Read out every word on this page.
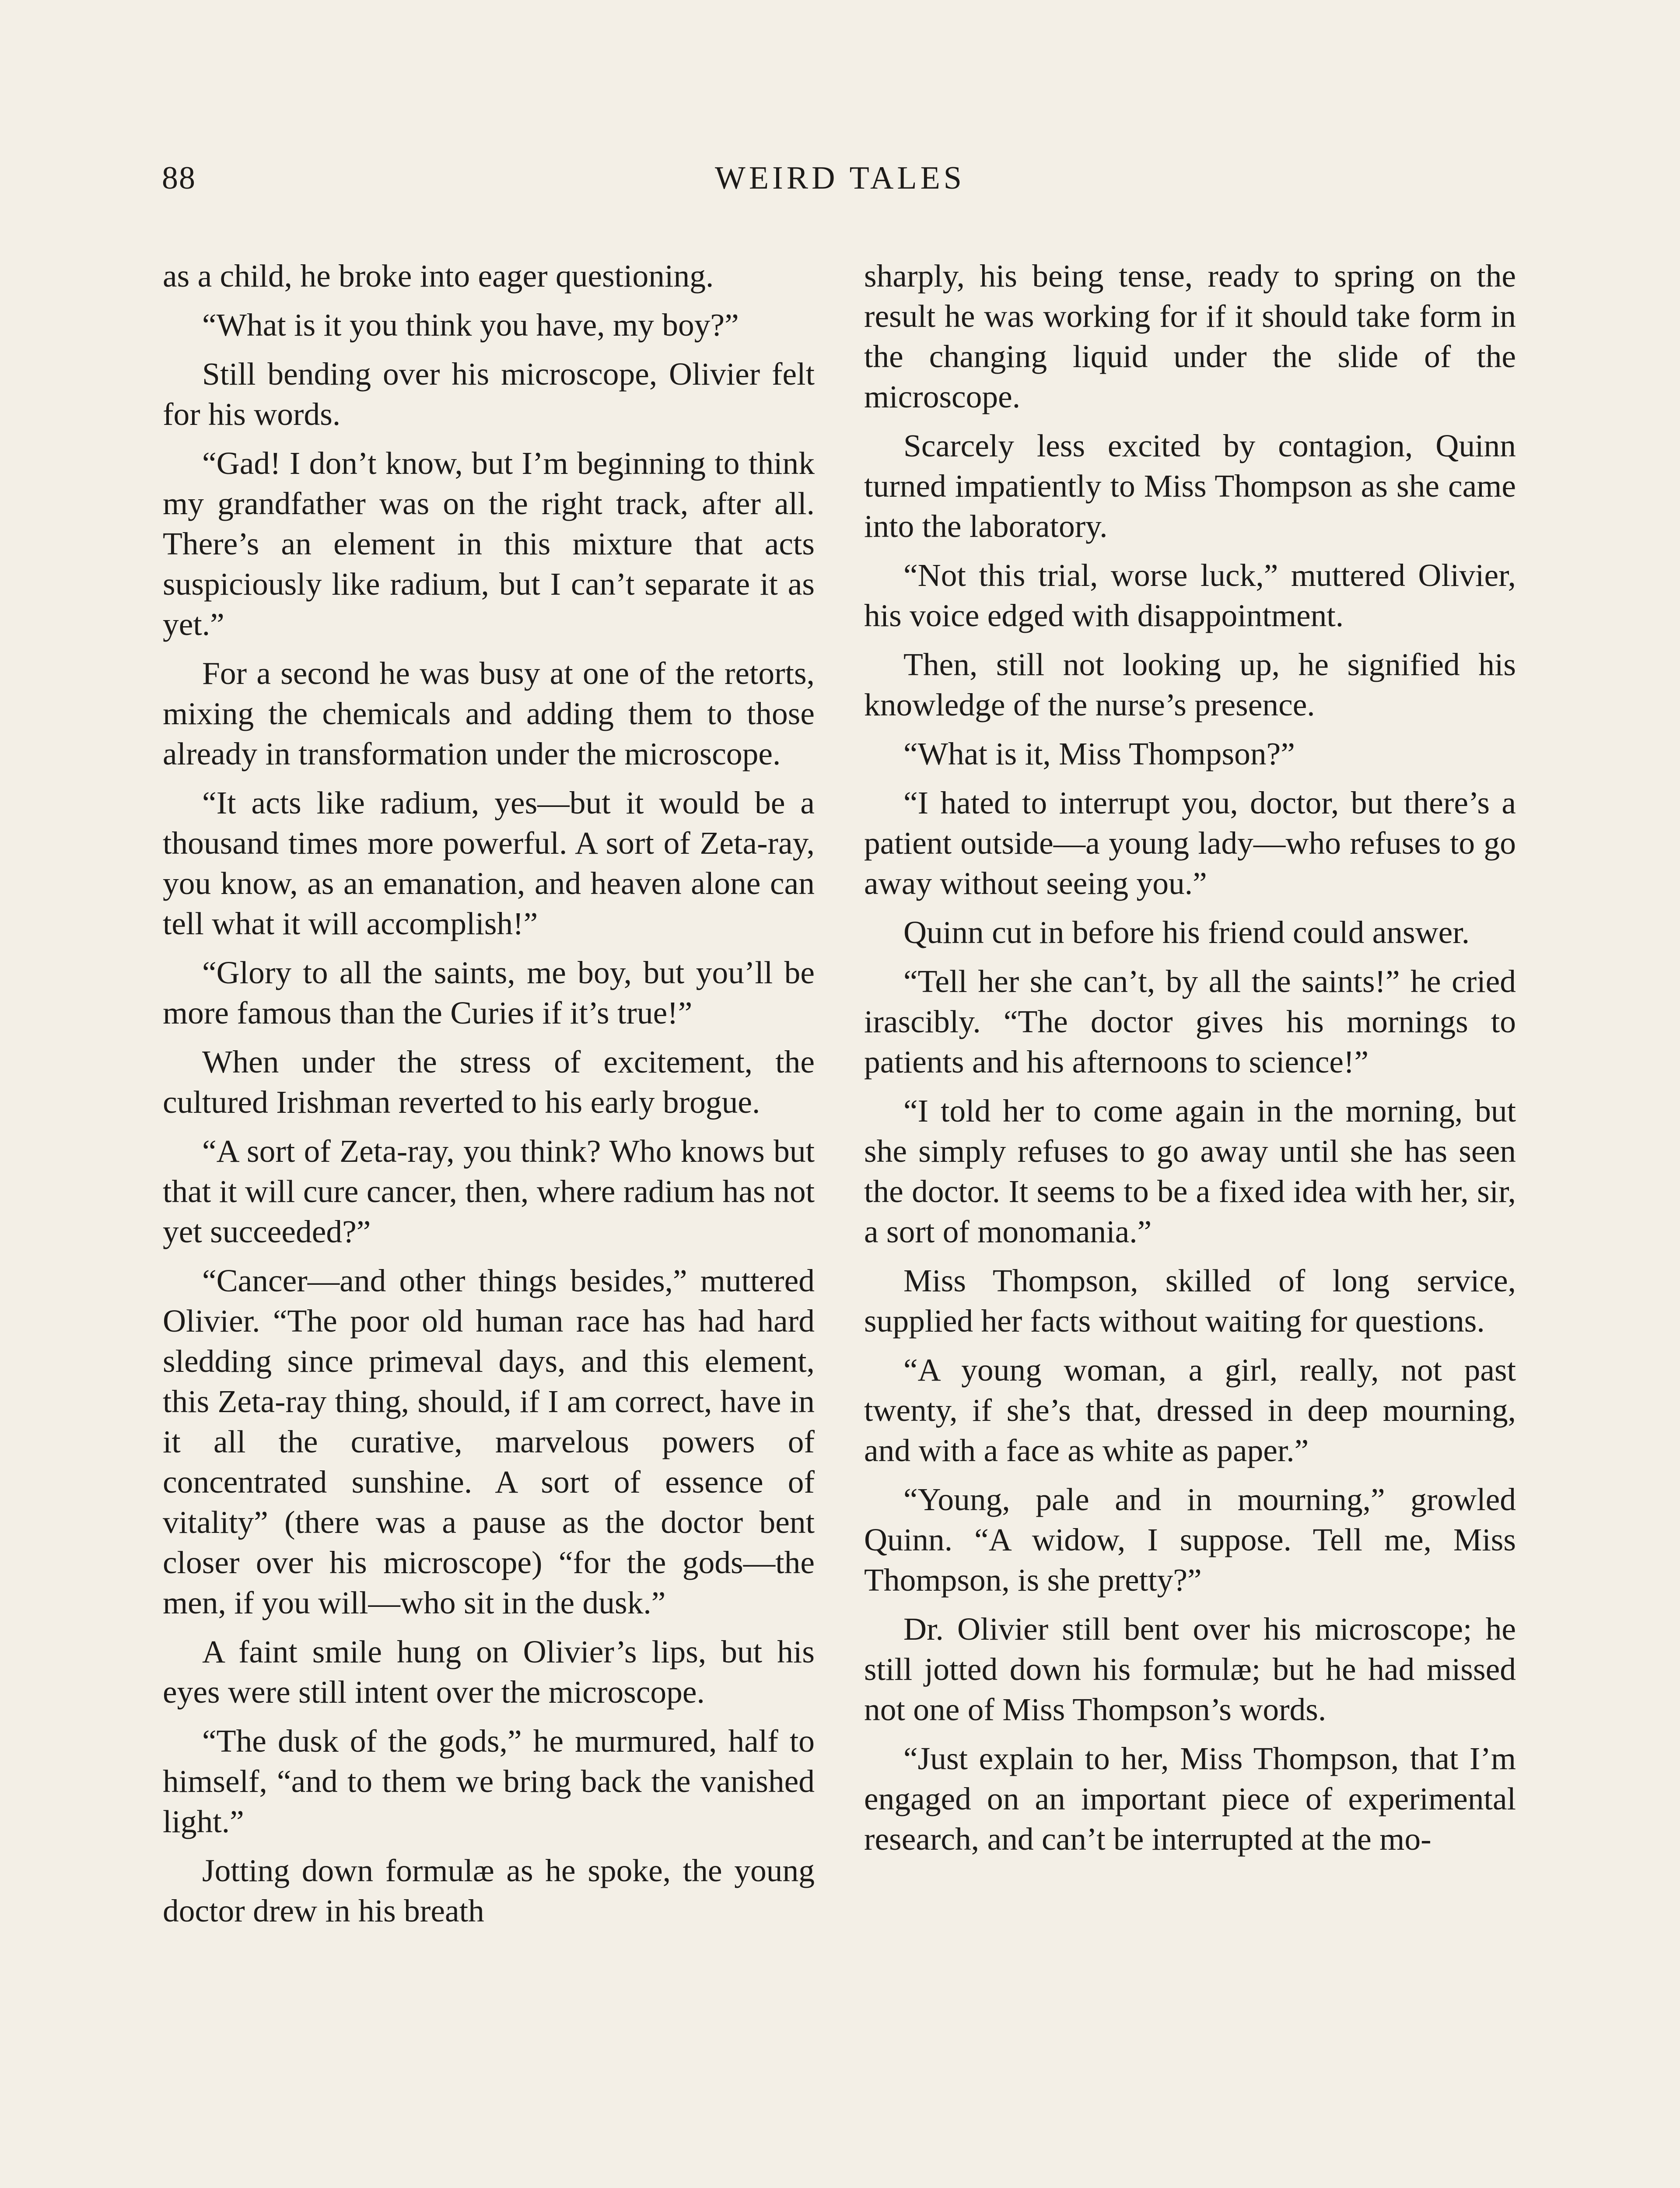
88	WEIRD TALES

as a child, he broke into eager questioning.

“What is it you think you have, my boy?”

Still bending over his microscope, Olivier felt for his words.

“Gad! I don’t know, but I’m beginning to think my grandfather was on the right track, after all. There’s an element in this mixture that acts suspiciously like radium, but I can’t separate it as yet.”

For a second he was busy at one of the retorts, mixing the chemicals and adding them to those already in transformation under the microscope.

“It acts like radium, yes—but it would be a thousand times more powerful. A sort of Zeta-ray, you know, as an emanation, and heaven alone can tell what it will accomplish!”

“Glory to all the saints, me boy, but you’ll be more famous than the Curies if it’s true!”

When under the stress of excitement, the cultured Irishman reverted to his early brogue.

“A sort of Zeta-ray, you think? Who knows but that it will cure cancer, then, where radium has not yet succeeded?”

“Cancer—and other things besides,” muttered Olivier. “The poor old human race has had hard sledding since primeval days, and this element, this Zeta-ray thing, should, if I am correct, have in it all the curative, marvelous powers of concentrated sunshine. A sort of essence of vitality” (there was a pause as the doctor bent closer over his microscope) “for the gods—the men, if you will—who sit in the dusk.”

A faint smile hung on Olivier’s lips, but his eyes were still intent over the microscope.

“The dusk of the gods,” he murmured, half to himself, “and to them we bring back the vanished light.”

Jotting down formulæ as he spoke, the young doctor drew in his breath

sharply, his being tense, ready to spring on the result he was working for if it should take form in the changing liquid under the slide of the microscope.

Scarcely less excited by contagion, Quinn turned impatiently to Miss Thompson as she came into the laboratory.

“Not this trial, worse luck,” muttered Olivier, his voice edged with disappointment.

Then, still not looking up, he signified his knowledge of the nurse’s presence.

“What is it, Miss Thompson?”

“I hated to interrupt you, doctor, but there’s a patient outside—a young lady—who refuses to go away without seeing you.”

Quinn cut in before his friend could answer.

“Tell her she can’t, by all the saints!” he cried irascibly. “The doctor gives his mornings to patients and his afternoons to science!”

“I told her to come again in the morning, but she simply refuses to go away until she has seen the doctor. It seems to be a fixed idea with her, sir, a sort of monomania.”

Miss Thompson, skilled of long service, supplied her facts without waiting for questions.

“A young woman, a girl, really, not past twenty, if she’s that, dressed in deep mourning, and with a face as white as paper.”

“Young, pale and in mourning,” growled Quinn. “A widow, I suppose. Tell me, Miss Thompson, is she pretty?”

Dr. Olivier still bent over his microscope; he still jotted down his formulæ; but he had missed not one of Miss Thompson’s words.

“Just explain to her, Miss Thompson, that I’m engaged on an important piece of experimental research, and can’t be interrupted at the mo-
